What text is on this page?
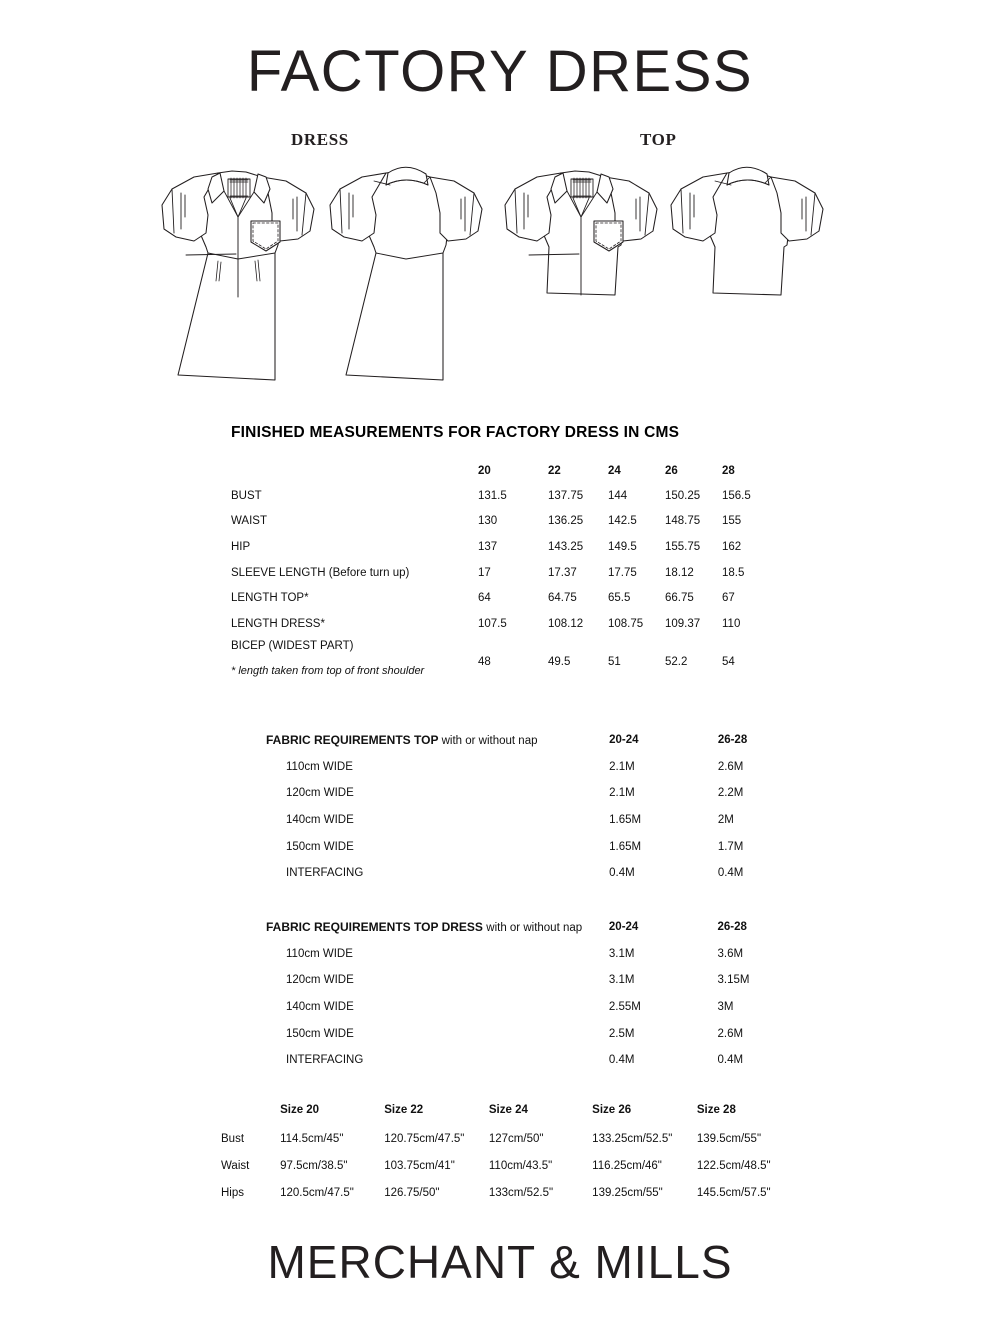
FACTORY DRESS
DRESS	TOP
FINISHED MEASUREMENTS FOR FACTORY DRESS IN CMS
	20	22	24	26	28
BUST	131.5	137.75	144	150.25	156.5
WAIST	130	136.25	142.5	148.75	155
HIP	137	143.25	149.5	155.75	162
SLEEVE LENGTH (Before turn up)	17	17.37	17.75	18.12	18.5
LENGTH TOP*	64	64.75	65.5	66.75	67
LENGTH DRESS*	107.5	108.12	108.75	109.37	110
BICEP (WIDEST PART)	48	49.5	51	52.2	54
* length taken from top of front shoulder
FABRIC REQUIREMENTS TOP with or without nap	20-24	26-28
110cm WIDE	2.1M	2.6M
120cm WIDE	2.1M	2.2M
140cm WIDE	1.65M	2M
150cm WIDE	1.65M	1.7M
INTERFACING	0.4M	0.4M
FABRIC REQUIREMENTS TOP DRESS with or without nap	20-24	26-28
110cm WIDE	3.1M	3.6M
120cm WIDE	3.1M	3.15M
140cm WIDE	2.55M	3M
150cm WIDE	2.5M	2.6M
INTERFACING	0.4M	0.4M
	Size 20	Size 22	Size 24	Size 26	Size 28
Bust	114.5cm/45"	120.75cm/47.5"	127cm/50"	133.25cm/52.5"	139.5cm/55"
Waist	97.5cm/38.5"	103.75cm/41"	110cm/43.5"	116.25cm/46"	122.5cm/48.5"
Hips	120.5cm/47.5"	126.75/50"	133cm/52.5"	139.25cm/55"	145.5cm/57.5"
MERCHANT & MILLS
